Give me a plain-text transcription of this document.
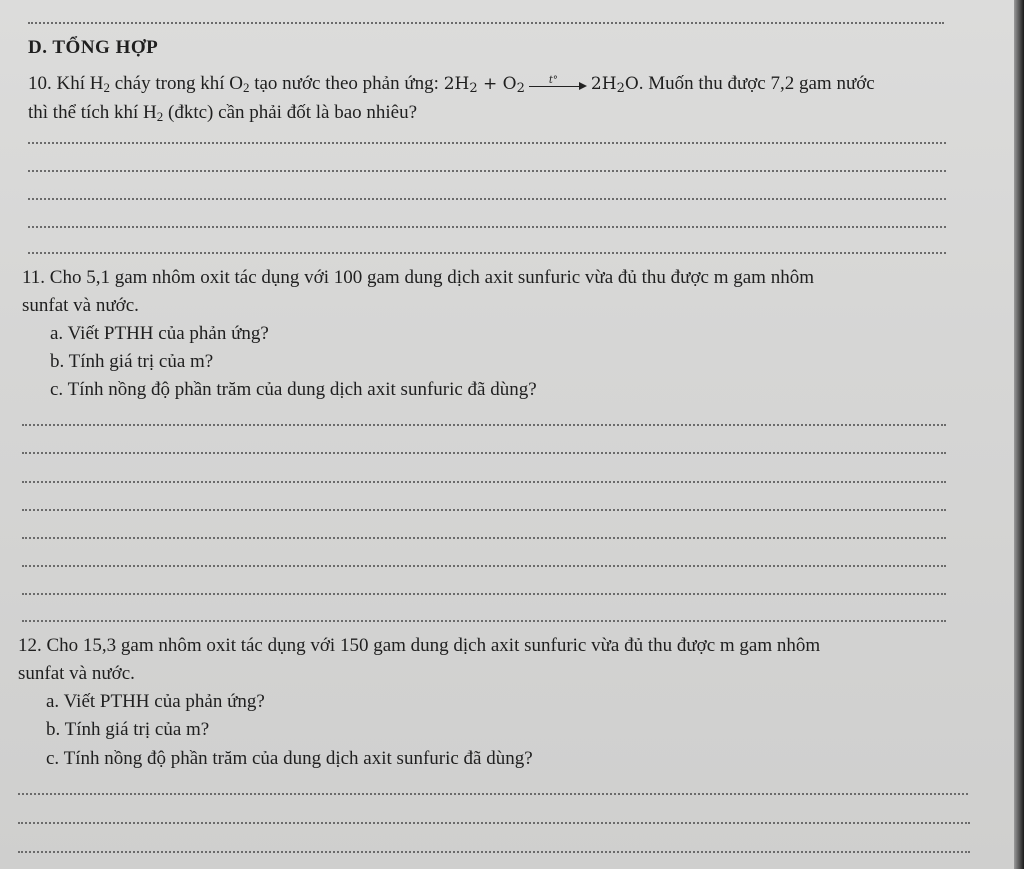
D. TỔNG HỢP
10. Khí $H_2$ cháy trong khí $O_2$ tạo nước theo phản ứng: $2H_2 + O_2$
t° $2H_2O$. Muốn thu được 7,2 gam nước
thì thể tích khí $H_2$ (đktc) cần phải đốt là bao nhiêu?
11. Cho 5,1 gam nhôm oxit tác dụng với 100 gam dung dịch axit sunfuric vừa đủ thu được m gam nhôm
sunfat và nước.
a. Viết PTHH của phản ứng?
b. Tính giá trị của m?
c. Tính nồng độ phần trăm của dung dịch axit sunfuric đã dùng?
12. Cho 15,3 gam nhôm oxit tác dụng với 150 gam dung dịch axit sunfuric vừa đủ thu được m gam nhôm
sunfat và nước.
a. Viết PTHH của phản ứng?
b. Tính giá trị của m?
c. Tính nồng độ phần trăm của dung dịch axit sunfuric đã dùng?
